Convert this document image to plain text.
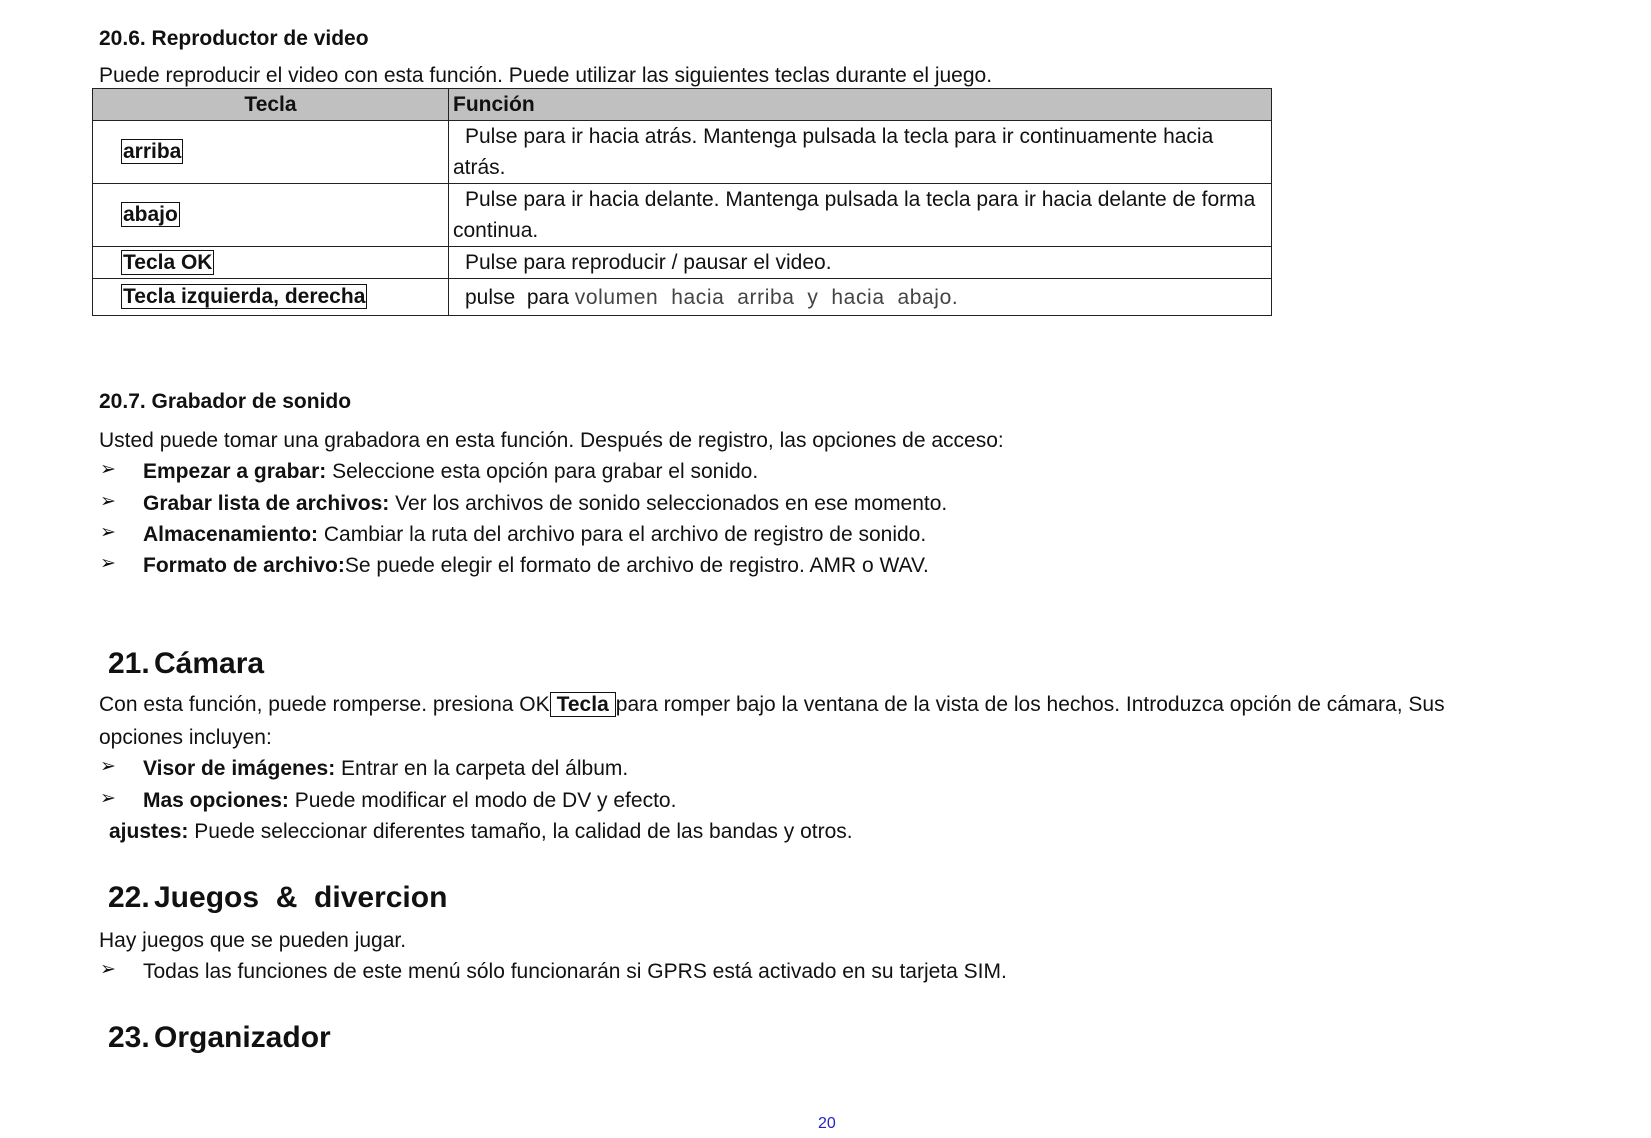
20.6. Reproductor de video
Puede reproducir el video con esta función. Puede utilizar las siguientes teclas durante el juego.
Tecla	Función
arriba	Pulse para ir hacia atrás. Mantenga pulsada la tecla para ir continuamente hacia atrás.
abajo	Pulse para ir hacia delante. Mantenga pulsada la tecla para ir hacia delante de forma continua.
Tecla OK	Pulse para reproducir / pausar el video.
Tecla izquierda, derecha	pulse  para volumen  hacia  arriba  y  hacia  abajo.
20.7. Grabador de sonido
Usted puede tomar una grabadora en esta función. Después de registro, las opciones de acceso:
➢ Empezar a grabar: Seleccione esta opción para grabar el sonido.
➢ Grabar lista de archivos: Ver los archivos de sonido seleccionados en ese momento.
➢ Almacenamiento: Cambiar la ruta del archivo para el archivo de registro de sonido.
➢ Formato de archivo:Se puede elegir el formato de archivo de registro. AMR o WAV.
21. Cámara
Con esta función, puede romperse. presiona OK Tecla para romper bajo la ventana de la vista de los hechos. Introduzca opción de cámara, Sus
opciones incluyen:
➢ Visor de imágenes: Entrar en la carpeta del álbum.
➢ Mas opciones: Puede modificar el modo de DV y efecto.
ajustes: Puede seleccionar diferentes tamaño, la calidad de las bandas y otros.
22. Juegos  &  divercion
Hay juegos que se pueden jugar.
➢ Todas las funciones de este menú sólo funcionarán si GPRS está activado en su tarjeta SIM.
23. Organizador
20
